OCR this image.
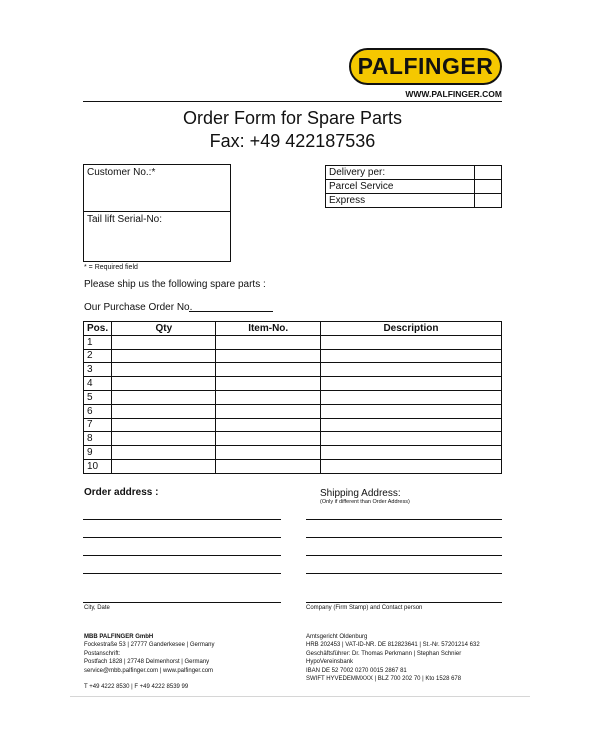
PALFINGER
WWW.PALFINGER.COM
Order Form for Spare Parts
Fax: +49 422187536
Customer No.:*
Tail lift Serial-No:
* = Required field
Delivery per:	
Parcel Service	
Express	
Please ship us the following spare parts :
Our Purchase Order No.
Pos.	Qty	Item-No.	Description
1			
2			
3			
4			
5			
6			
7			
8			
9			
10			
Order address :	Shipping Address:
(Only if different than Order Address)
City, Date	Company (Firm Stamp) and Contact person
MBB PALFINGER GmbH
Fockestraße 53 | 27777 Ganderkesee | Germany
Postanschrift:
Postfach 1828 | 27748 Delmenhorst | Germany
service@mbb.palfinger.com | www.palfinger.com
T +49 4222 8530 | F +49 4222 8539 99
Amtsgericht Oldenburg
HRB 202453 | VAT-ID-NR. DE 812823641 | St.-Nr. 57201214 632
Geschäftsführer: Dr. Thomas Perkmann | Stephan Schnier
HypoVereinsbank
IBAN DE 52 7002 0270 0015 2867 81
SWIFT HYVEDEMMXXX | BLZ 700 202 70 | Kto 1528 678
